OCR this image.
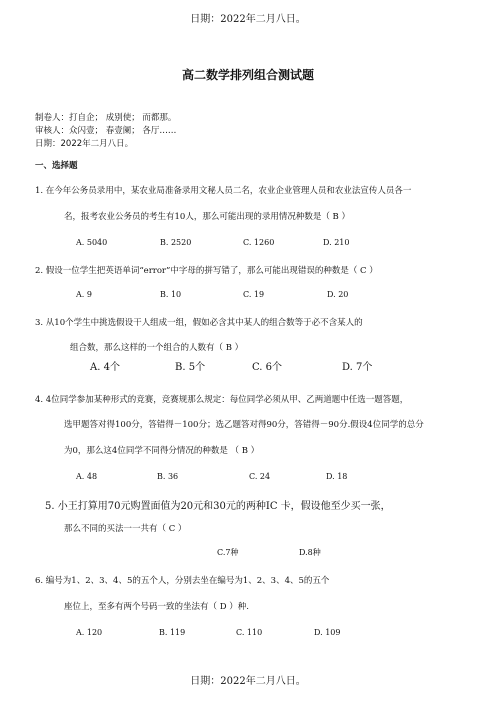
日期：2022年二月八日。
高二数学排列组合测试题
制卷人：打自企； 成别使； 而都那。
审核人：众闪壹； 春壹阑； 各厅……
日期：2022年二月八日。
一、选择题
1. 在今年公务员录用中，某农业局准备录用文秘人员二名，农业企业管理人员和农业法宣传人员各一
名，报考农业公务员的考生有10人，那么可能出现的录用情况种数是（ B ）
A. 5040	B. 2520	C. 1260	D. 210
2. 假设一位学生把英语单词“error”中字母的拼写错了，那么可能出现错误的种数是（ C ）
A. 9	B. 10	C. 19	D. 20
3. 从10个学生中挑选假设干人组成一组，假如必含其中某人的组合数等于必不含某人的
组合数，那么这样的一个组合的人数有（ B ）
A. 4个	B. 5个	C. 6个	D. 7个
4. 4位同学参加某种形式的竞赛，竞赛规那么规定：每位同学必须从甲、乙两道题中任选一题答题，
选甲题答对得100分，答错得－100分；选乙题答对得90分，答错得－90分.假设4位同学的总分
为0，那么这4位同学不同得分情况的种数是 （ B ）
A. 48	B. 36	C. 24	D. 18
5. 小王打算用70元购置面值为20元和30元的两种IC 卡，假设他至少买一张，
那么不同的买法一一共有（ C ）
C.7种	D.8种
6. 编号为1、2、3、4、5的五个人，分别去坐在编号为1、2、3、4、5的五个
座位上，至多有两个号码一致的坐法有（ D ）种.
A. 120	B. 119	C. 110	D. 109
日期：2022年二月八日。
